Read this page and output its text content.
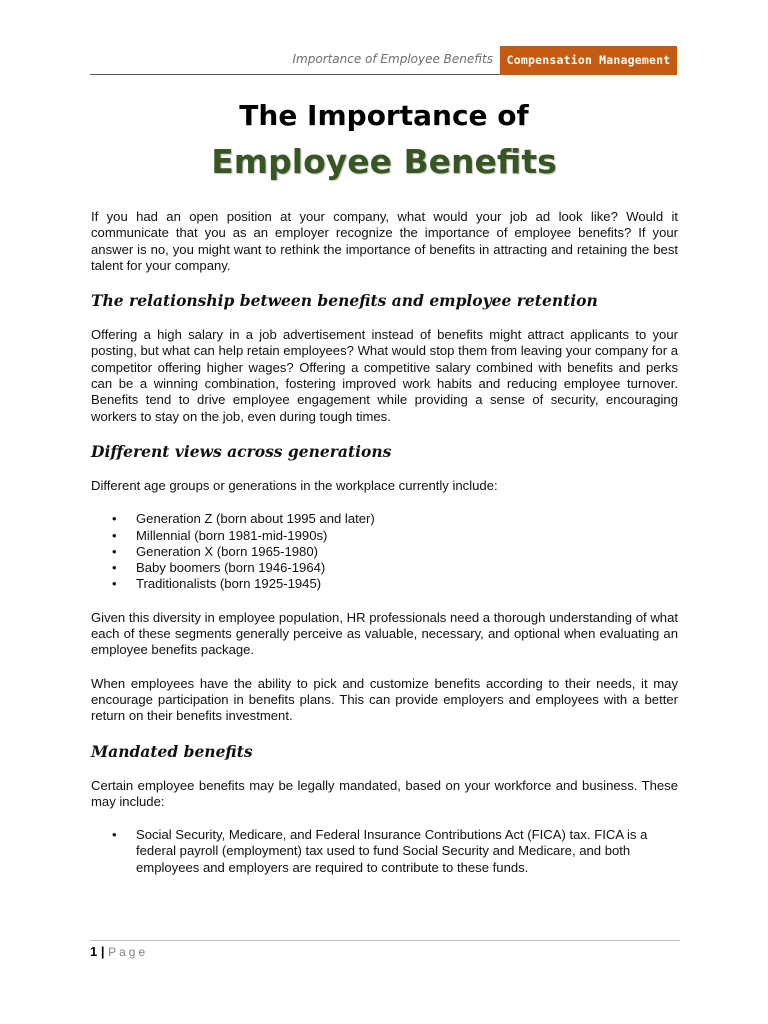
Importance of Employee Benefits	Compensation Management
The Importance of
Employee Benefits

If you had an open position at your company, what would your job ad look like? Would it communicate that you as an employer recognize the importance of employee benefits? If your answer is no, you might want to rethink the importance of benefits in attracting and retaining the best talent for your company.

The relationship between benefits and employee retention

Offering a high salary in a job advertisement instead of benefits might attract applicants to your posting, but what can help retain employees? What would stop them from leaving your company for a competitor offering higher wages? Offering a competitive salary combined with benefits and perks can be a winning combination, fostering improved work habits and reducing employee turnover. Benefits tend to drive employee engagement while providing a sense of security, encouraging workers to stay on the job, even during tough times.

Different views across generations

Different age groups or generations in the workplace currently include:

• Generation Z (born about 1995 and later)
• Millennial (born 1981-mid-1990s)
• Generation X (born 1965-1980)
• Baby boomers (born 1946-1964)
• Traditionalists (born 1925-1945)

Given this diversity in employee population, HR professionals need a thorough understanding of what each of these segments generally perceive as valuable, necessary, and optional when evaluating an employee benefits package.

When employees have the ability to pick and customize benefits according to their needs, it may encourage participation in benefits plans. This can provide employers and employees with a better return on their benefits investment.

Mandated benefits

Certain employee benefits may be legally mandated, based on your workforce and business. These may include:

• Social Security, Medicare, and Federal Insurance Contributions Act (FICA) tax. FICA is a federal payroll (employment) tax used to fund Social Security and Medicare, and both employees and employers are required to contribute to these funds.
1 | Page
